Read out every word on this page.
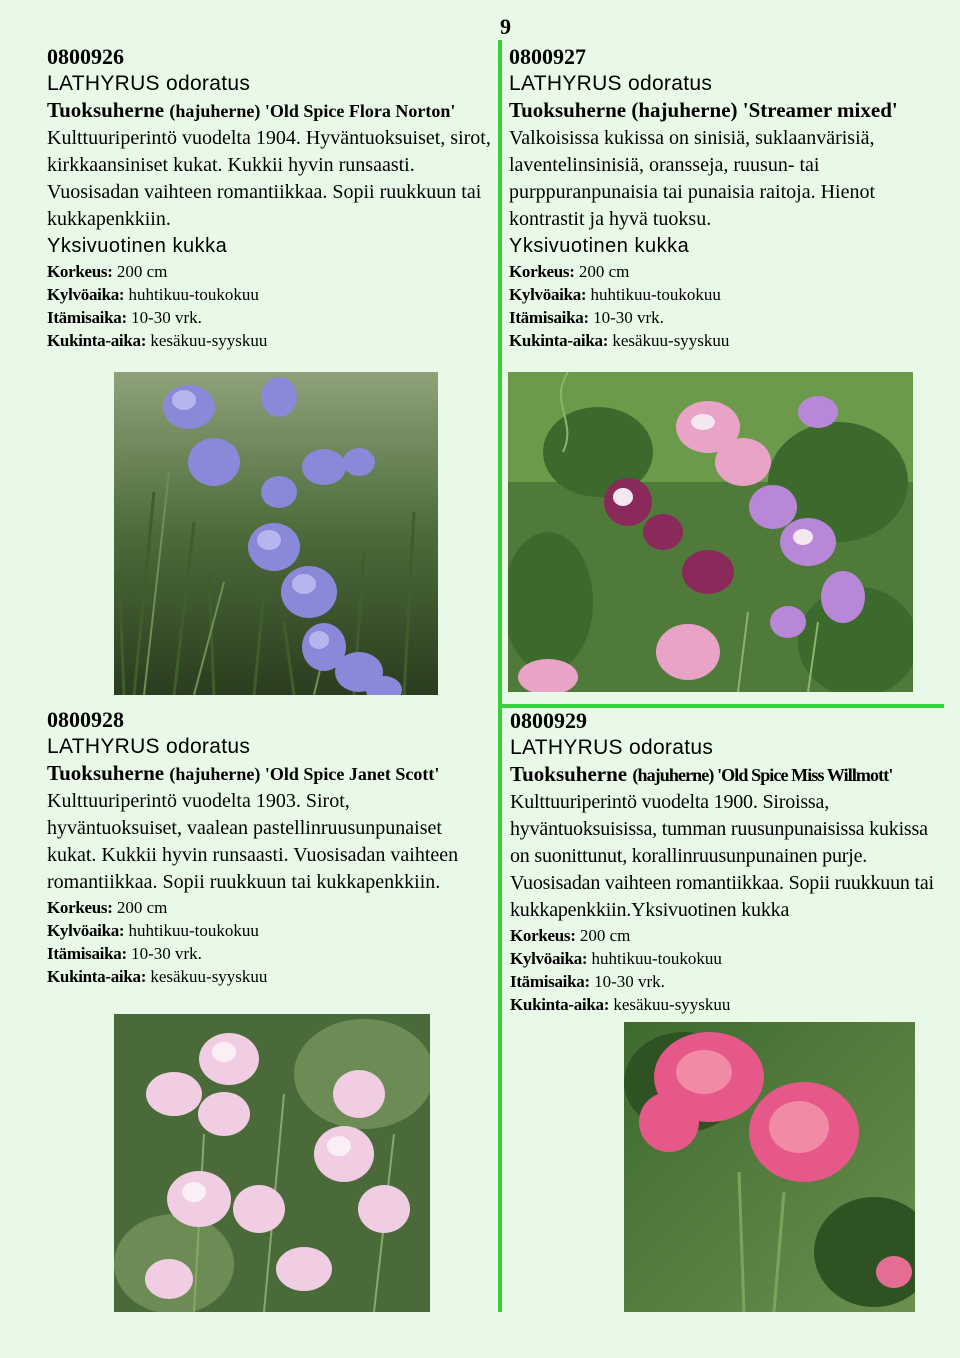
9
0800926
LATHYRUS odoratus
Tuoksuherne (hajuherne) 'Old Spice Flora Norton'
Kulttuuriperintö vuodelta 1904. Hyväntuoksuiset, sirot, kirkkaansiniset kukat. Kukkii hyvin runsaasti. Vuosisadan vaihteen romantiikkaa. Sopii ruukkuun tai kukkapenkkiin.
Yksivuotinen kukka
Korkeus: 200 cm
Kylvöaika: huhtikuu-toukokuu
Itämisaika: 10-30 vrk.
Kukinta-aika: kesäkuu-syyskuu
0800927
LATHYRUS odoratus
Tuoksuherne (hajuherne) 'Streamer mixed'
Valkoisissa kukissa on sinisiä, suklaanvärisiä, laventelinsinisiä, oransseja, ruusun- tai purppuranpunaisia tai punaisia raitoja. Hienot kontrastit ja hyvä tuoksu.
Yksivuotinen kukka
Korkeus: 200 cm
Kylvöaika: huhtikuu-toukokuu
Itämisaika: 10-30 vrk.
Kukinta-aika: kesäkuu-syyskuu
0800928
LATHYRUS odoratus
Tuoksuherne (hajuherne) 'Old Spice Janet Scott'
Kulttuuriperintö vuodelta 1903. Sirot, hyväntuoksuiset, vaalean pastellinruusunpunaiset kukat. Kukkii hyvin runsaasti. Vuosisadan vaihteen romantiikkaa. Sopii ruukkuun tai kukkapenkkiin.
Korkeus: 200 cm
Kylvöaika: huhtikuu-toukokuu
Itämisaika: 10-30 vrk.
Kukinta-aika: kesäkuu-syyskuu
0800929
LATHYRUS odoratus
Tuoksuherne (hajuherne) 'Old Spice Miss Willmott'
Kulttuuriperintö vuodelta 1900. Siroissa, hyväntuoksuisissa, tumman ruusunpunaisissa kukissa on suonittunut, korallinruusunpunainen purje. Vuosisadan vaihteen romantiikkaa. Sopii ruukkuun tai kukkapenkkiin.Yksivuotinen kukka
Korkeus: 200 cm
Kylvöaika: huhtikuu-toukokuu
Itämisaika: 10-30 vrk.
Kukinta-aika: kesäkuu-syyskuu
